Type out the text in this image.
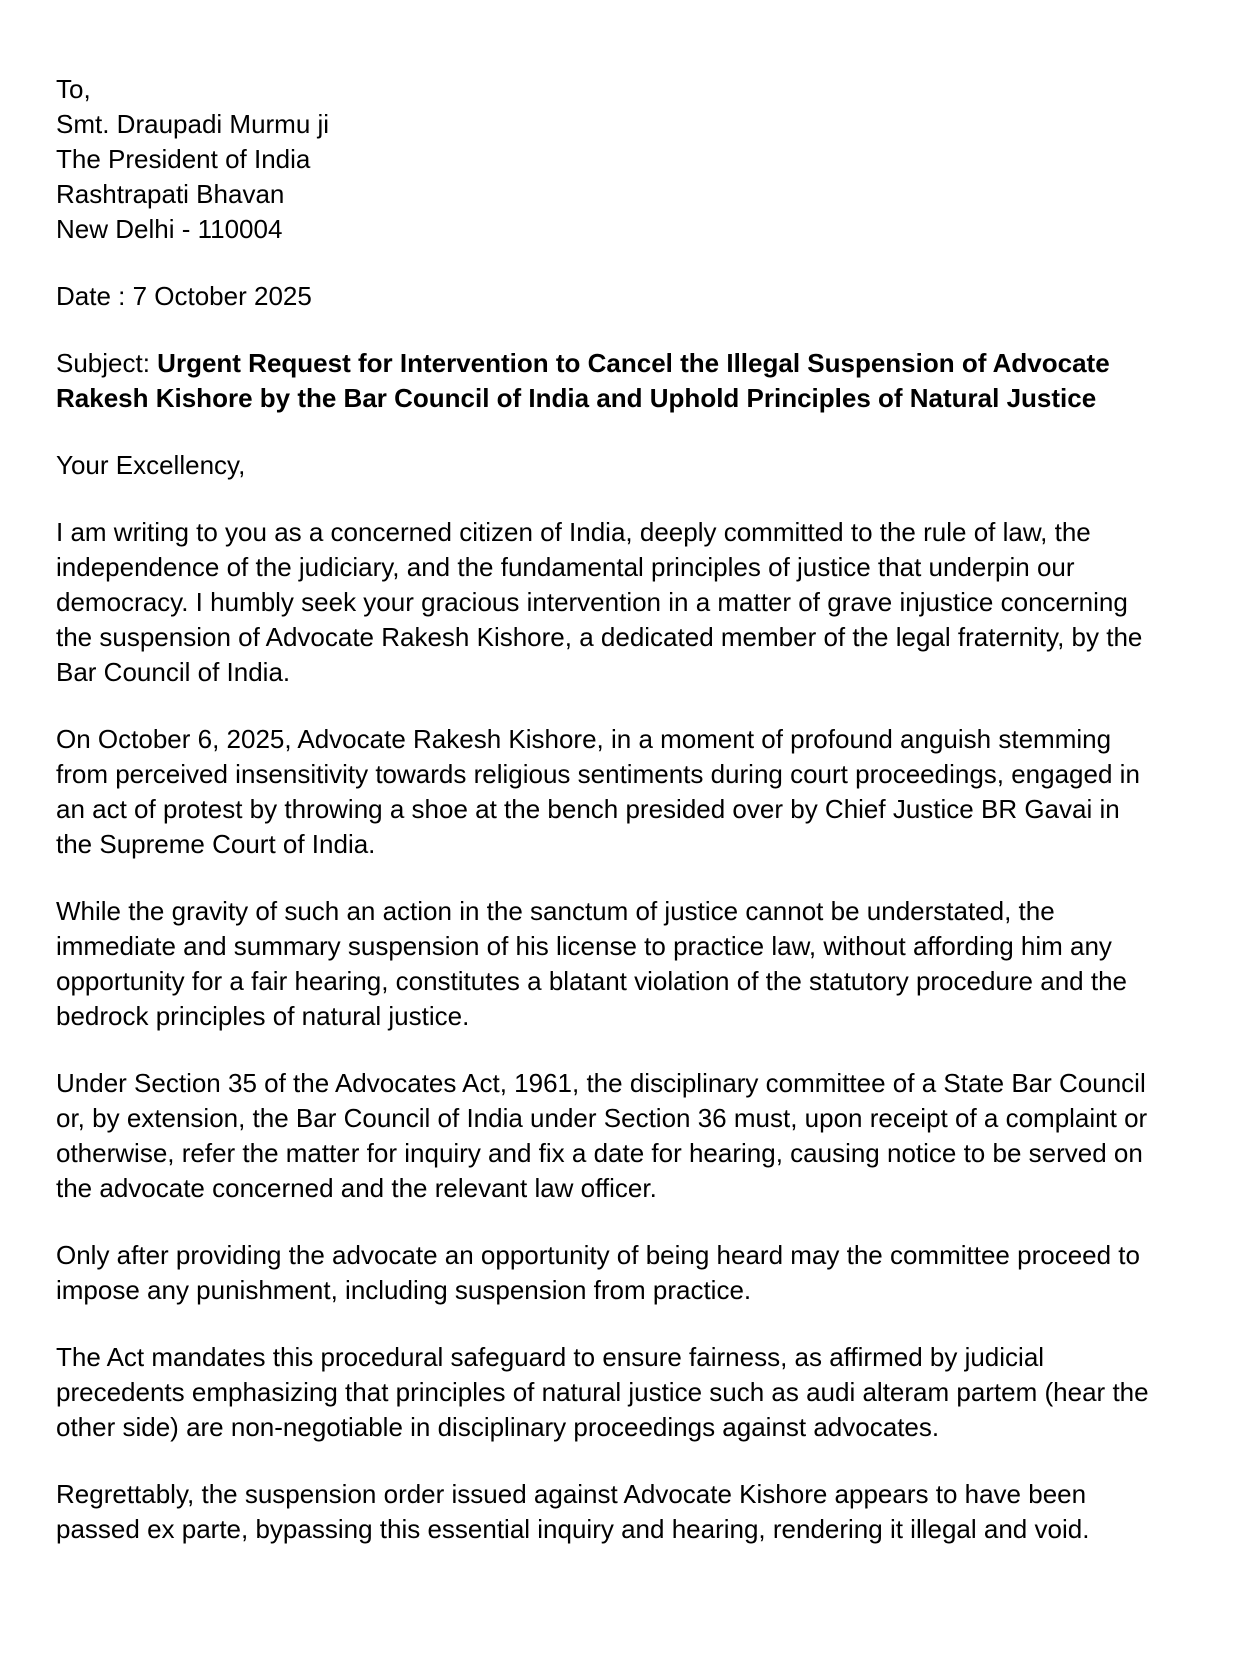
To,

Smt. Draupadi Murmu ji

The President of India

Rashtrapati Bhavan

New Delhi - 110004

Date : 7 October 2025

Subject: Urgent Request for Intervention to Cancel the Illegal Suspension of Advocate Rakesh Kishore by the Bar Council of India and Uphold Principles of Natural Justice

Your Excellency,

I am writing to you as a concerned citizen of India, deeply committed to the rule of law, the independence of the judiciary, and the fundamental principles of justice that underpin our democracy. I humbly seek your gracious intervention in a matter of grave injustice concerning the suspension of Advocate Rakesh Kishore, a dedicated member of the legal fraternity, by the Bar Council of India.

On October 6, 2025, Advocate Rakesh Kishore, in a moment of profound anguish stemming from perceived insensitivity towards religious sentiments during court proceedings, engaged in an act of protest by throwing a shoe at the bench presided over by Chief Justice BR Gavai in the Supreme Court of India.

While the gravity of such an action in the sanctum of justice cannot be understated, the immediate and summary suspension of his license to practice law, without affording him any opportunity for a fair hearing, constitutes a blatant violation of the statutory procedure and the bedrock principles of natural justice.

Under Section 35 of the Advocates Act, 1961, the disciplinary committee of a State Bar Council or, by extension, the Bar Council of India under Section 36 must, upon receipt of a complaint or otherwise, refer the matter for inquiry and fix a date for hearing, causing notice to be served on the advocate concerned and the relevant law officer.

Only after providing the advocate an opportunity of being heard may the committee proceed to impose any punishment, including suspension from practice.

The Act mandates this procedural safeguard to ensure fairness, as affirmed by judicial precedents emphasizing that principles of natural justice such as audi alteram partem (hear the other side) are non-negotiable in disciplinary proceedings against advocates.

Regrettably, the suspension order issued against Advocate Kishore appears to have been passed ex parte, bypassing this essential inquiry and hearing, rendering it illegal and void.
